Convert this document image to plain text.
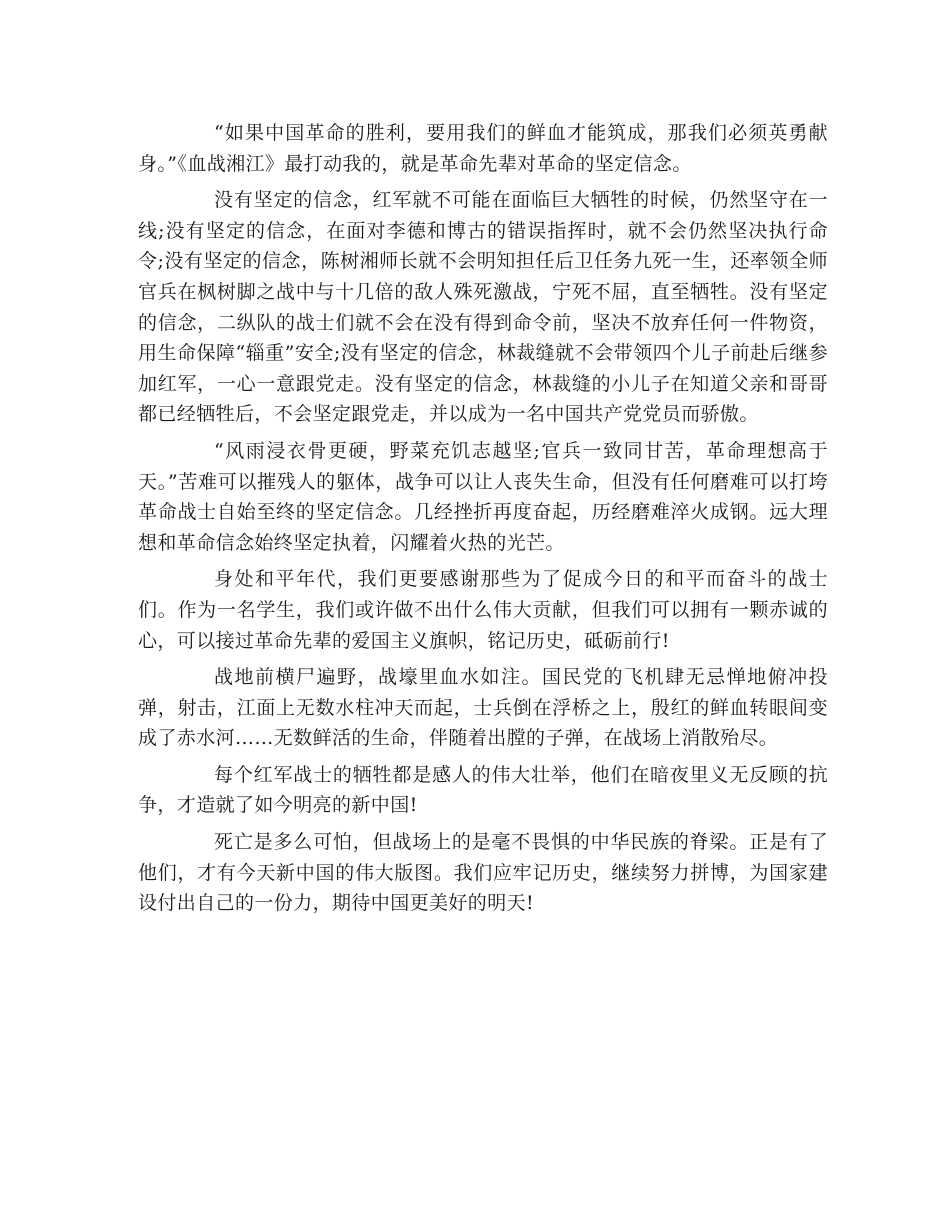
“如果中国革命的胜利，要用我们的鲜血才能筑成，那我们必须英勇献身。”《血战湘江》最打动我的，就是革命先辈对革命的坚定信念。

没有坚定的信念，红军就不可能在面临巨大牺牲的时候，仍然坚守在一线;没有坚定的信念，在面对李德和博古的错误指挥时，就不会仍然坚决执行命令;没有坚定的信念，陈树湘师长就不会明知担任后卫任务九死一生，还率领全师官兵在枫树脚之战中与十几倍的敌人殊死激战，宁死不屈，直至牺牲。没有坚定的信念，二纵队的战士们就不会在没有得到命令前，坚决不放弃任何一件物资，用生命保障“辎重”安全;没有坚定的信念，林裁缝就不会带领四个儿子前赴后继参加红军，一心一意跟党走。没有坚定的信念，林裁缝的小儿子在知道父亲和哥哥都已经牺牲后，不会坚定跟党走，并以成为一名中国共产党党员而骄傲。

“风雨浸衣骨更硬，野菜充饥志越坚;官兵一致同甘苦，革命理想高于天。”苦难可以摧残人的躯体，战争可以让人丧失生命，但没有任何磨难可以打垮革命战士自始至终的坚定信念。几经挫折再度奋起，历经磨难淬火成钢。远大理想和革命信念始终坚定执着，闪耀着火热的光芒。

身处和平年代，我们更要感谢那些为了促成今日的和平而奋斗的战士们。作为一名学生，我们或许做不出什么伟大贡献，但我们可以拥有一颗赤诚的心，可以接过革命先辈的爱国主义旗帜，铭记历史，砥砺前行!

战地前横尸遍野，战壕里血水如注。国民党的飞机肆无忌惮地俯冲投弹，射击，江面上无数水柱冲天而起，士兵倒在浮桥之上，殷红的鲜血转眼间变成了赤水河……无数鲜活的生命，伴随着出膛的子弹，在战场上消散殆尽。

每个红军战士的牺牲都是感人的伟大壮举，他们在暗夜里义无反顾的抗争，才造就了如今明亮的新中国!

死亡是多么可怕，但战场上的是毫不畏惧的中华民族的脊梁。正是有了他们，才有今天新中国的伟大版图。我们应牢记历史，继续努力拼博，为国家建设付出自己的一份力，期待中国更美好的明天!
